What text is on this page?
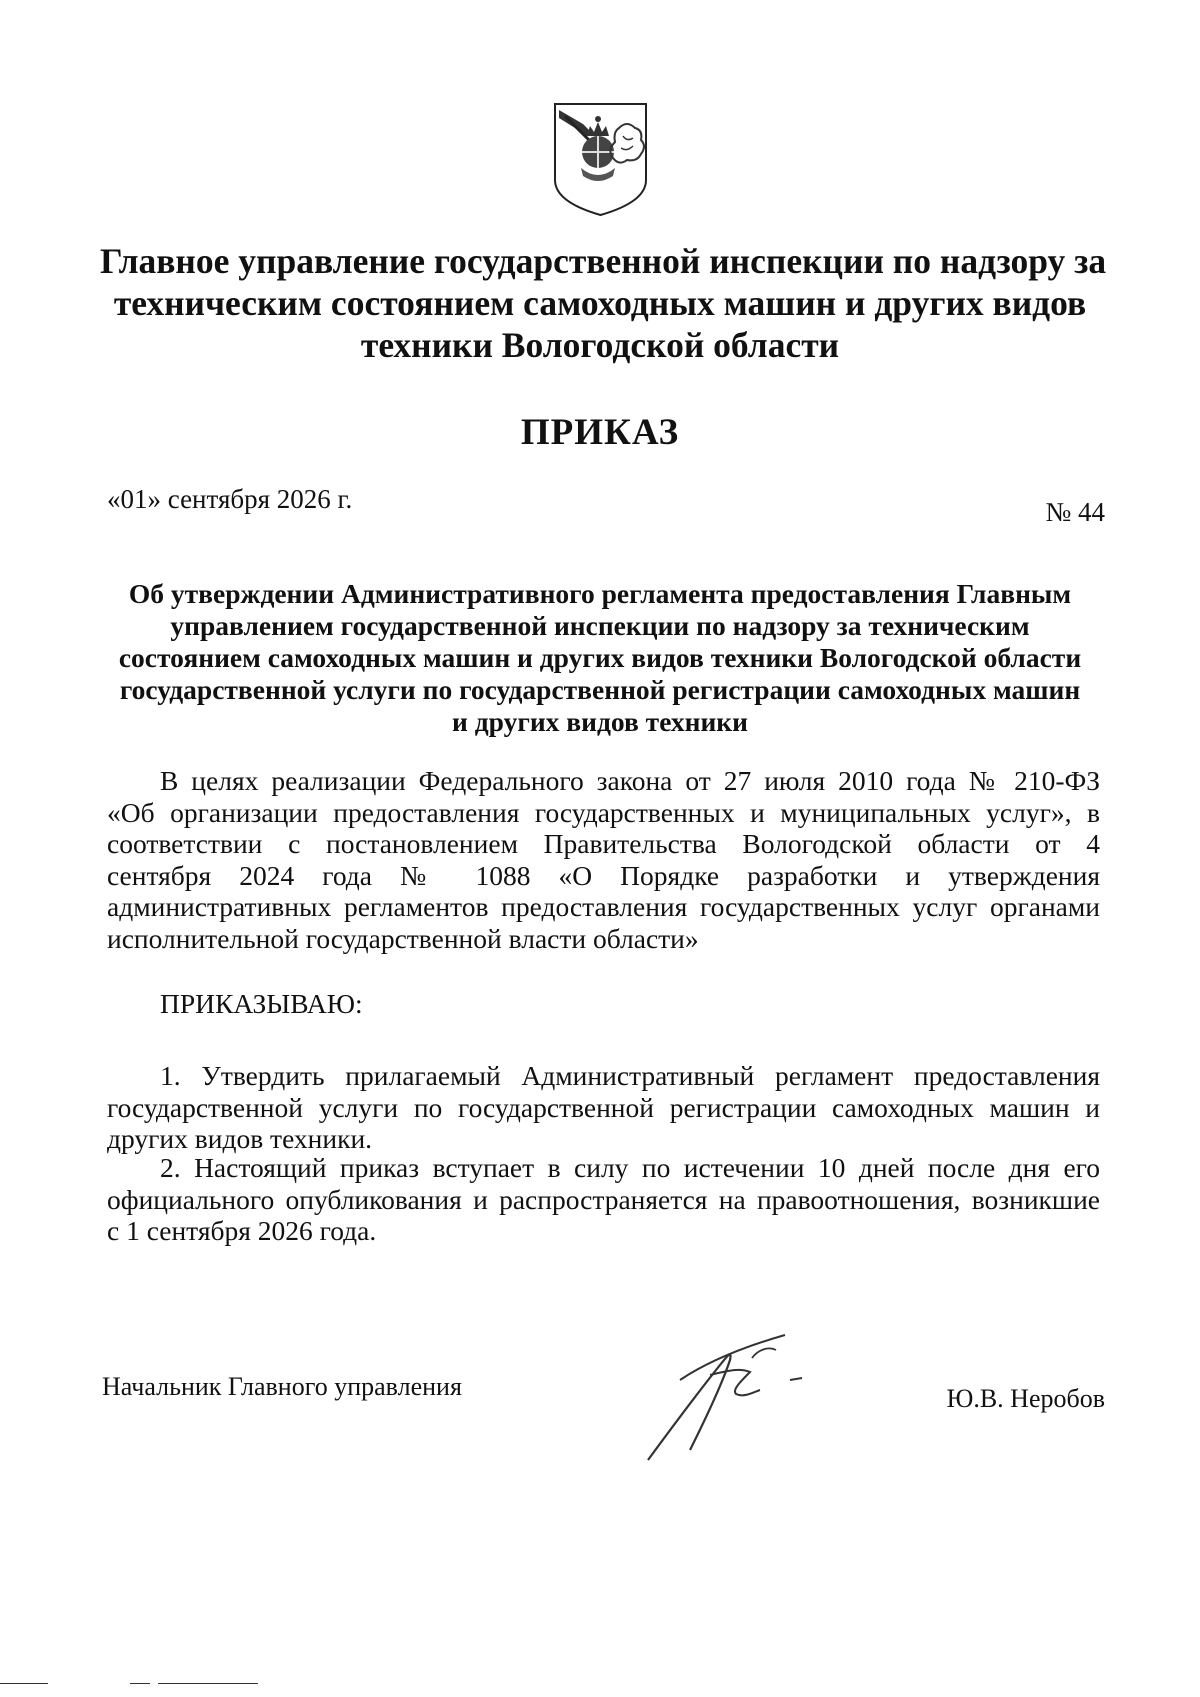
Главное управление государственной инспекции по надзору за
техническим состоянием самоходных машин и других видов
техники Вологодской области
ПРИКАЗ
«01» сентября 2026 г.	№ 44
Об утверждении Административного регламента предоставления Главным
управлением государственной инспекции по надзору за техническим
состоянием самоходных машин и других видов техники Вологодской области
государственной услуги по государственной регистрации самоходных машин
и других видов техники
В целях реализации Федерального закона от 27 июля 2010 года № 210-ФЗ
«Об организации предоставления государственных и муниципальных услуг», в
соответствии с постановлением Правительства Вологодской области от 4
сентября 2024 года № 1088 «О Порядке разработки и утверждения
административных регламентов предоставления государственных услуг органами
исполнительной государственной власти области»
ПРИКАЗЫВАЮ:
1. Утвердить прилагаемый Административный регламент предоставления
государственной услуги по государственной регистрации самоходных машин и
других видов техники.
2. Настоящий приказ вступает в силу по истечении 10 дней после дня его
официального опубликования и распространяется на правоотношения, возникшие
с 1 сентября 2026 года.
Начальник Главного управления	Ю.В. Неробов
